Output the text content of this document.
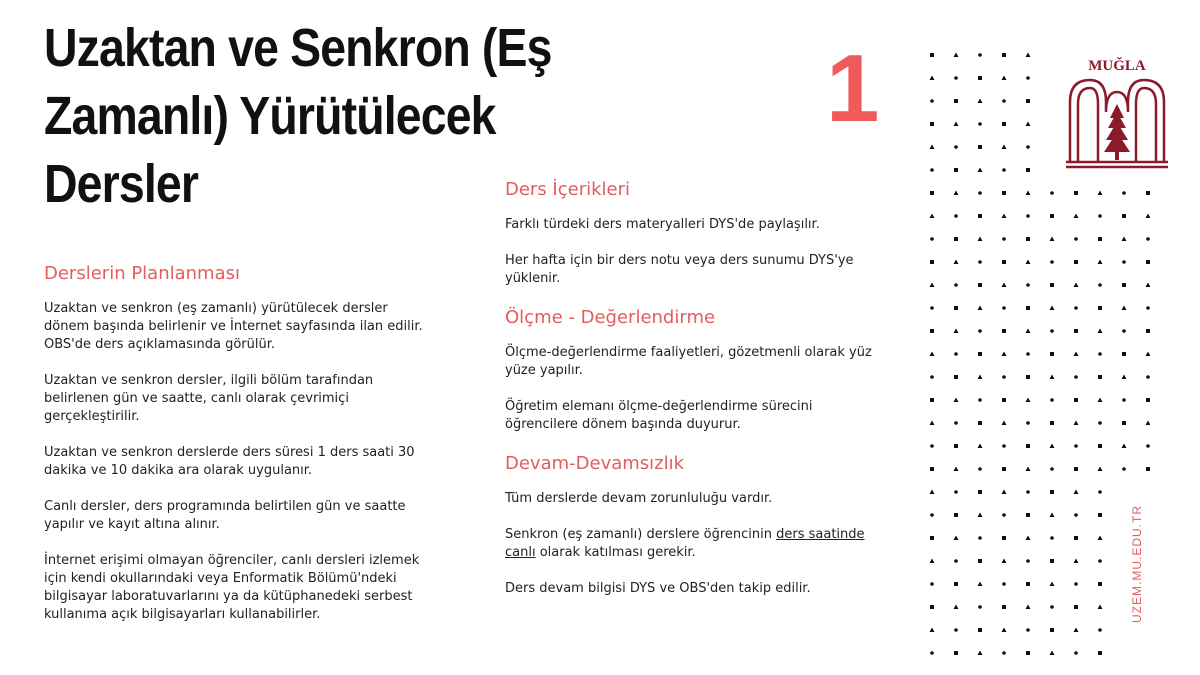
Uzaktan ve Senkron (Eş Zamanlı) Yürütülecek Dersler
1
Derslerin Planlanması

Uzaktan ve senkron (eş zamanlı) yürütülecek dersler dönem başında belirlenir ve İnternet sayfasında ilan edilir. OBS'de ders açıklamasında görülür.

Uzaktan ve senkron dersler, ilgili bölüm tarafından belirlenen gün ve saatte, canlı olarak çevrimiçi gerçekleştirilir.

Uzaktan ve senkron derslerde ders süresi 1 ders saati 30 dakika ve 10 dakika ara olarak uygulanır.

Canlı dersler, ders programında belirtilen gün ve saatte yapılır ve kayıt altına alınır.

İnternet erişimi olmayan öğrenciler, canlı dersleri izlemek için kendi okullarındaki veya Enformatik Bölümü'ndeki bilgisayar laboratuvarlarını ya da kütüphanedeki serbest kullanıma açık bilgisayarları kullanabilirler.

Ders İçerikleri

Farklı türdeki ders materyalleri DYS'de paylaşılır.

Her hafta için bir ders notu veya ders sunumu DYS'ye yüklenir.

Ölçme - Değerlendirme

Ölçme-değerlendirme faaliyetleri, gözetmenli olarak yüz yüze yapılır.

Öğretim elemanı ölçme-değerlendirme sürecini öğrencilere dönem başında duyurur.

Devam-Devamsızlık

Tüm derslerde devam zorunluluğu vardır.

Senkron (eş zamanlı) derslere öğrencinin ders saatinde canlı olarak katılması gerekir.

Ders devam bilgisi DYS ve OBS'den takip edilir.

MUĞLA
UZEM.MU.EDU.TR
